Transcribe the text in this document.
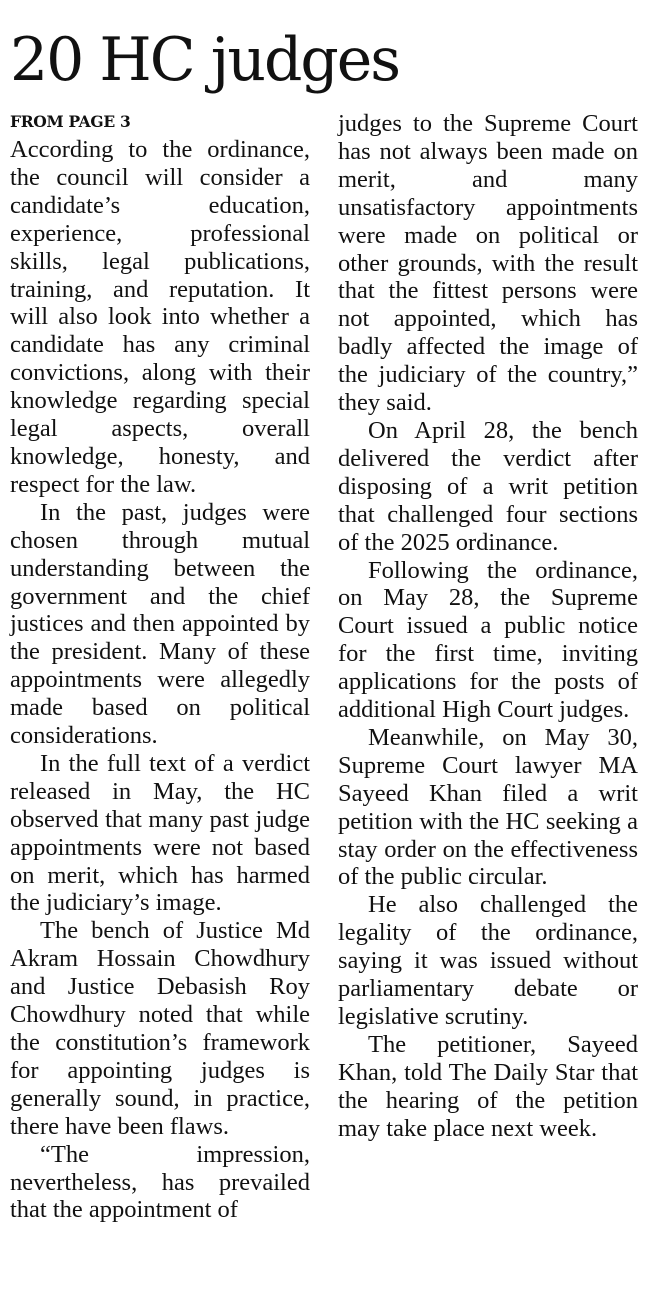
20 HC judges

FROM PAGE 3

According to the ordinance, the council will consider a candidate’s education, experience, professional skills, legal publications, training, and reputation. It will also look into whether a candidate has any criminal convictions, along with their knowledge regarding special legal aspects, overall knowledge, honesty, and respect for the law.

In the past, judges were chosen through mutual understanding between the government and the chief justices and then appointed by the president. Many of these appointments were allegedly made based on political considerations.

In the full text of a verdict released in May, the HC observed that many past judge appointments were not based on merit, which has harmed the judiciary’s image.

The bench of Justice Md Akram Hossain Chowdhury and Justice Debasish Roy Chowdhury noted that while the constitution’s framework for appointing judges is generally sound, in practice, there have been flaws.

“The impression, nevertheless, has prevailed that the appointment of

judges to the Supreme Court has not always been made on merit, and many unsatisfactory appointments were made on political or other grounds, with the result that the fittest persons were not appointed, which has badly affected the image of the judiciary of the country,” they said.

On April 28, the bench delivered the verdict after disposing of a writ petition that challenged four sections of the 2025 ordinance.

Following the ordinance, on May 28, the Supreme Court issued a public notice for the first time, inviting applications for the posts of additional High Court judges.

Meanwhile, on May 30, Supreme Court lawyer MA Sayeed Khan filed a writ petition with the HC seeking a stay order on the effectiveness of the public circular.

He also challenged the legality of the ordinance, saying it was issued without parliamentary debate or legislative scrutiny.

The petitioner, Sayeed Khan, told The Daily Star that the hearing of the petition may take place next week.
